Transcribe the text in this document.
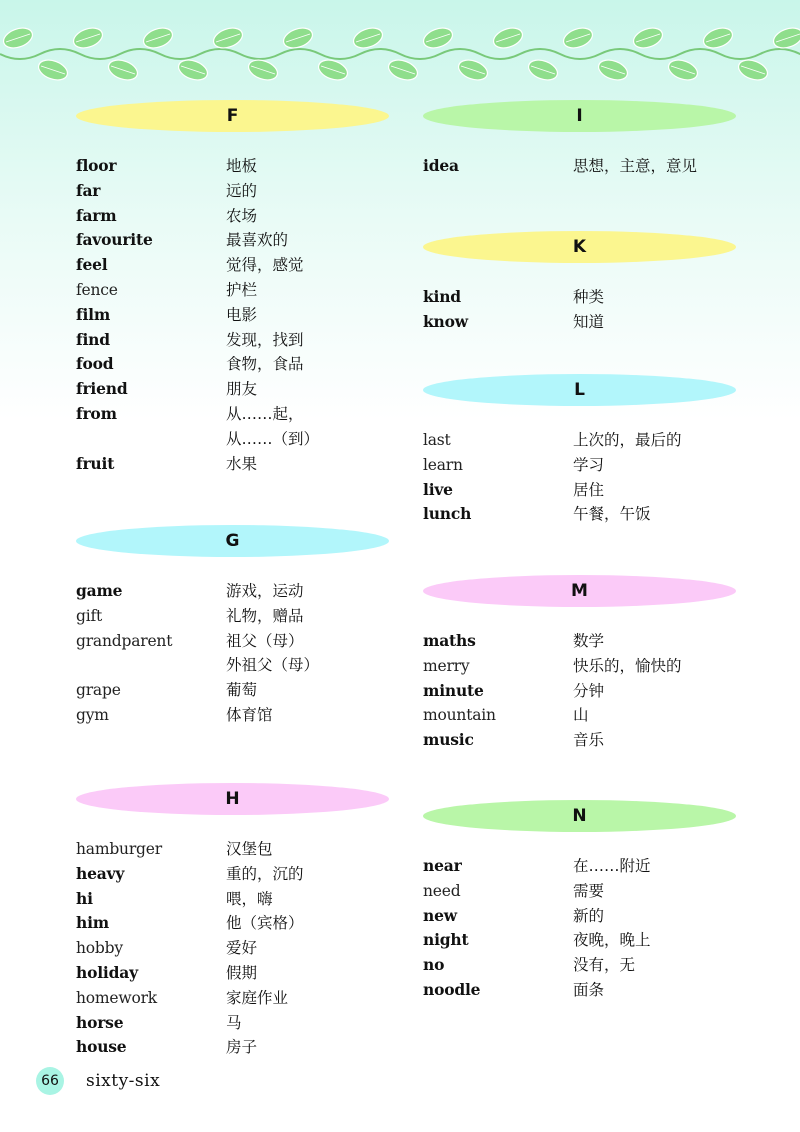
F
floor	地板
far	远的
farm	农场
favourite	最喜欢的
feel	觉得，感觉
fence	护栏
film	电影
find	发现，找到
food	食物，食品
friend	朋友
from	从……起，
从……（到）
fruit	水果
G
game	游戏，运动
gift	礼物，赠品
grandparent	祖父（母）
外祖父（母）
grape	葡萄
gym	体育馆
H
hamburger	汉堡包
heavy	重的，沉的
hi	喂，嗨
him	他（宾格）
hobby	爱好
holiday	假期
homework	家庭作业
horse	马
house	房子
I
idea	思想，主意，意见
K
kind	种类
know	知道
L
last	上次的，最后的
learn	学习
live	居住
lunch	午餐，午饭
M
maths	数学
merry	快乐的，愉快的
minute	分钟
mountain	山
music	音乐
N
near	在……附近
need	需要
new	新的
night	夜晚，晚上
no	没有，无
noodle	面条
66 sixty-six
